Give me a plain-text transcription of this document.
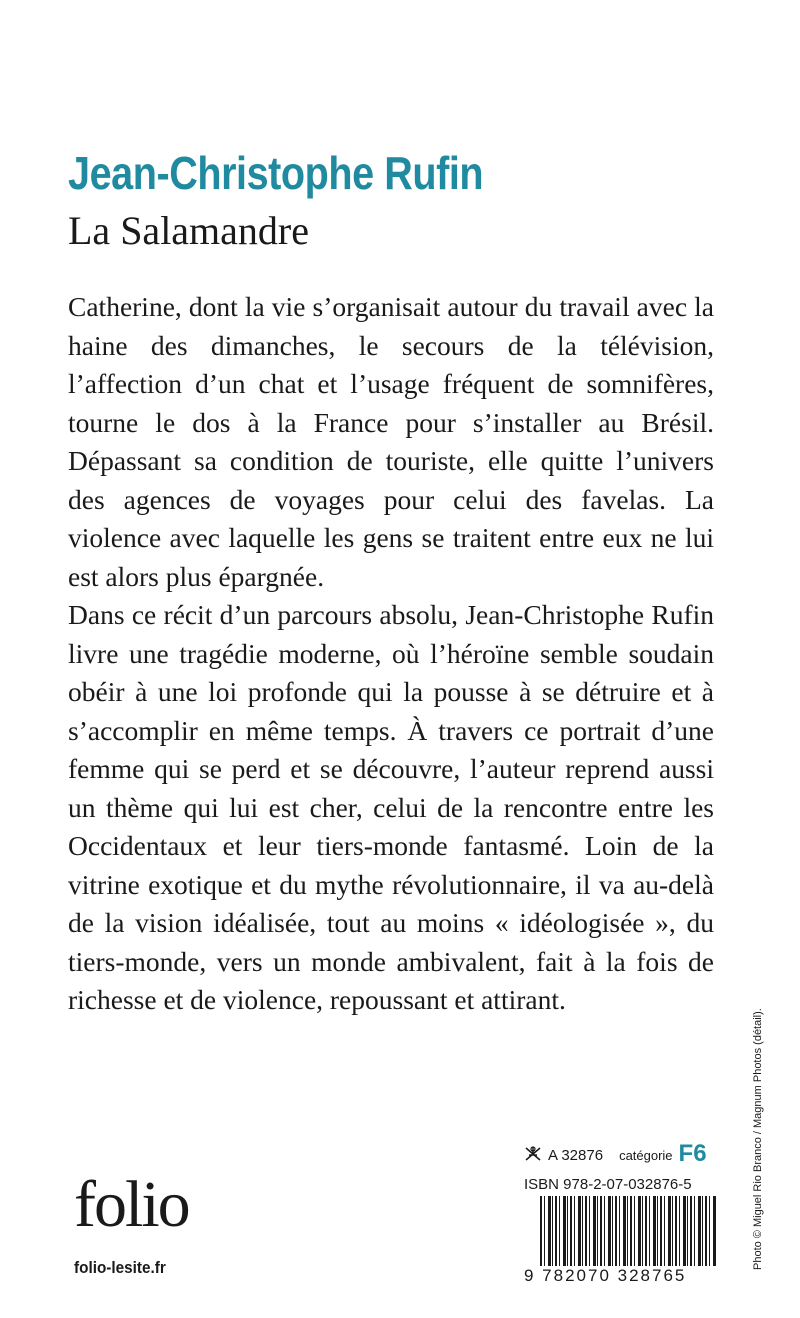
Jean-Christophe Rufin
La Salamandre

Catherine, dont la vie s’organisait autour du travail avec la haine des dimanches, le secours de la télévision, l’affection d’un chat et l’usage fréquent de somnifères, tourne le dos à la France pour s’installer au Brésil. Dépassant sa condition de touriste, elle quitte l’univers des agences de voyages pour celui des favelas. La violence avec laquelle les gens se traitent entre eux ne lui est alors plus épargnée.

Dans ce récit d’un parcours absolu, Jean-Christophe Rufin livre une tragédie moderne, où l’héroïne semble soudain obéir à une loi profonde qui la pousse à se détruire et à s’accomplir en même temps. À travers ce portrait d’une femme qui se perd et se découvre, l’auteur reprend aussi un thème qui lui est cher, celui de la rencontre entre les Occidentaux et leur tiers-monde fantasmé. Loin de la vitrine exotique et du mythe révolutionnaire, il va au-delà de la vision idéalisée, tout au moins « idéologisée », du tiers-monde, vers un monde ambivalent, fait à la fois de richesse et de violence, repoussant et attirant.

A 32876 catégorie F6
ISBN 978-2-07-032876-5
9 782070 328765
folio
folio-lesite.fr	Photo © Miguel Rio Branco / Magnum Photos (détail).
